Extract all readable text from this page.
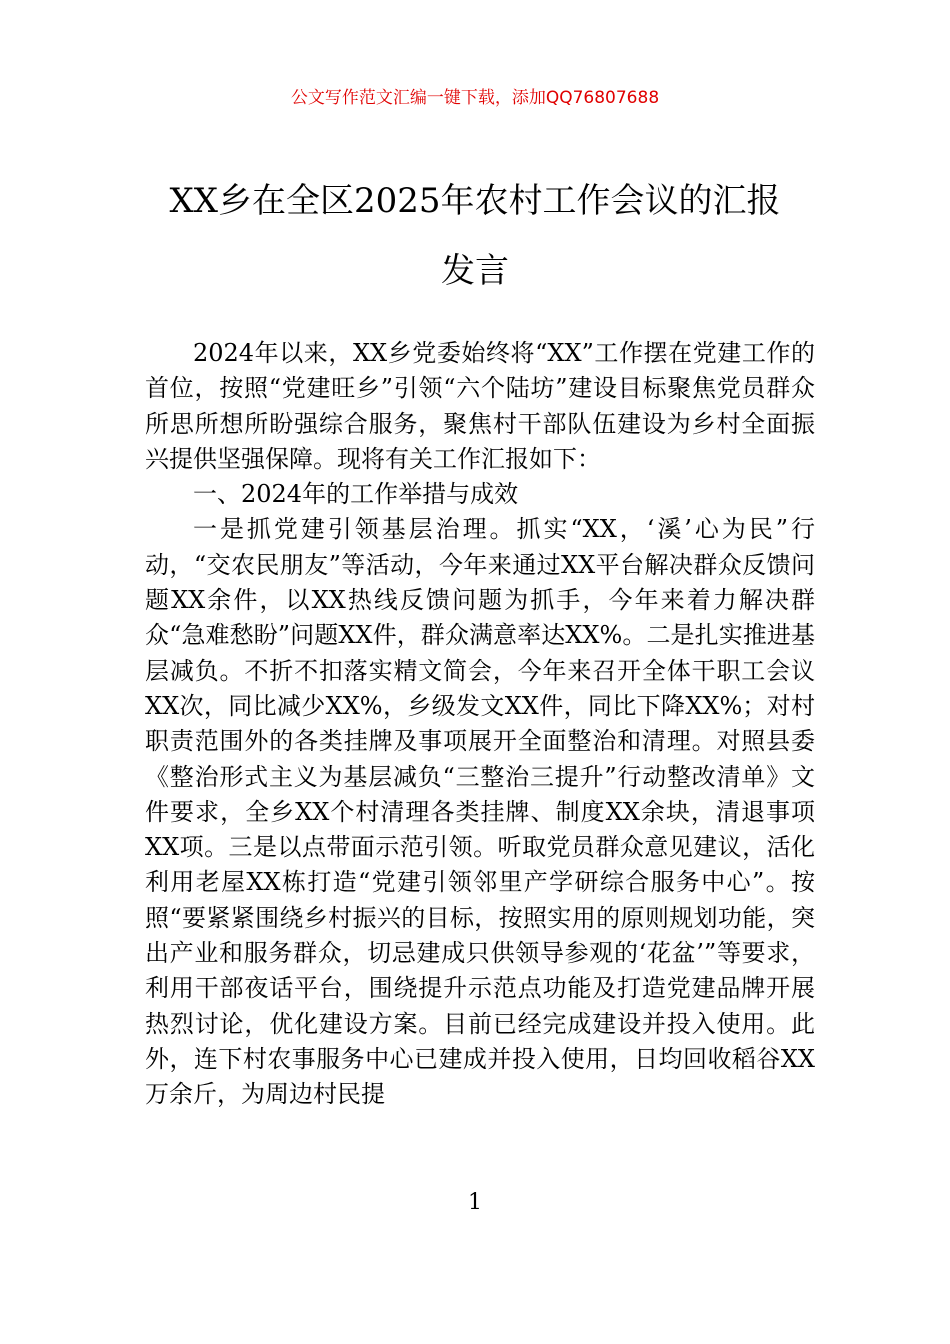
公文写作范文汇编一键下载，添加QQ76807688
XX乡在全区2025年农村工作会议的汇报
发言

2024年以来，XX乡党委始终将“XX”工作摆在党建工作的首位，按照“党建旺乡”引领“六个陆坊”建设目标聚焦党员群众所思所想所盼强综合服务，聚焦村干部队伍建设为乡村全面振兴提供坚强保障。现将有关工作汇报如下：

一、2024年的工作举措与成效

一是抓党建引领基层治理。抓实“XX，‘溪’心为民”行动，“交农民朋友”等活动，今年来通过XX平台解决群众反馈问题XX余件，以XX热线反馈问题为抓手，今年来着力解决群众“急难愁盼”问题XX件，群众满意率达XX%。二是扎实推进基层减负。不折不扣落实精文简会，今年来召开全体干职工会议XX次，同比减少XX%，乡级发文XX件，同比下降XX%；对村职责范围外的各类挂牌及事项展开全面整治和清理。对照县委《整治形式主义为基层减负“三整治三提升”行动整改清单》文件要求，全乡XX个村清理各类挂牌、制度XX余块，清退事项XX项。三是以点带面示范引领。听取党员群众意见建议，活化利用老屋XX栋打造“党建引领邻里产学研综合服务中心”。按照“要紧紧围绕乡村振兴的目标，按照实用的原则规划功能，突出产业和服务群众，切忌建成只供领导参观的‘花盆’”等要求，利用干部夜话平台，围绕提升示范点功能及打造党建品牌开展热烈讨论，优化建设方案。目前已经完成建设并投入使用。此外，连下村农事服务中心已建成并投入使用，日均回收稻谷XX万余斤，为周边村民提

1
